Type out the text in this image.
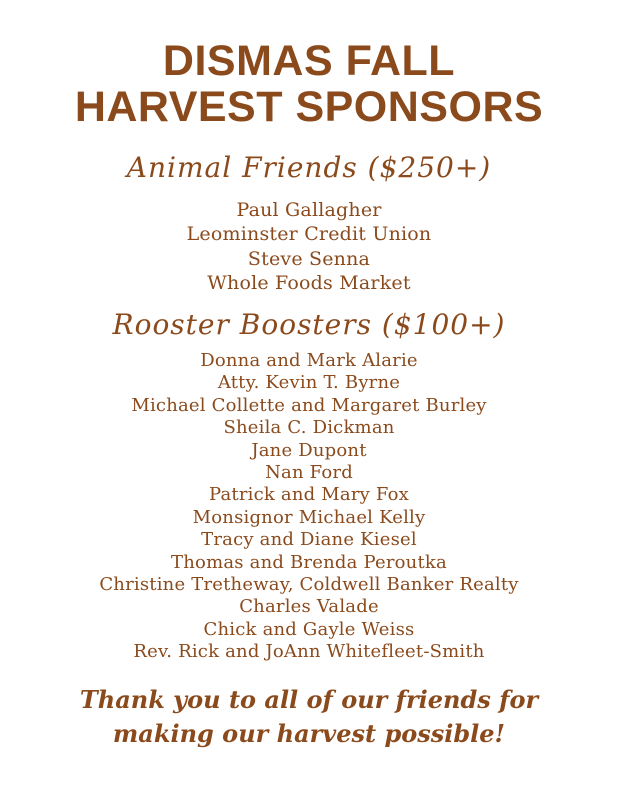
DISMAS FALL
HARVEST SPONSORS
Animal Friends ($250+)
Paul Gallagher
Leominster Credit Union
Steve Senna
Whole Foods Market
Rooster Boosters ($100+)
Donna and Mark Alarie
Atty. Kevin T. Byrne
Michael Collette and Margaret Burley
Sheila C. Dickman
Jane Dupont
Nan Ford
Patrick and Mary Fox
Monsignor Michael Kelly
Tracy and Diane Kiesel
Thomas and Brenda Peroutka
Christine Tretheway, Coldwell Banker Realty
Charles Valade
Chick and Gayle Weiss
Rev. Rick and JoAnn Whitefleet-Smith
Thank you to all of our friends for
making our harvest possible!
